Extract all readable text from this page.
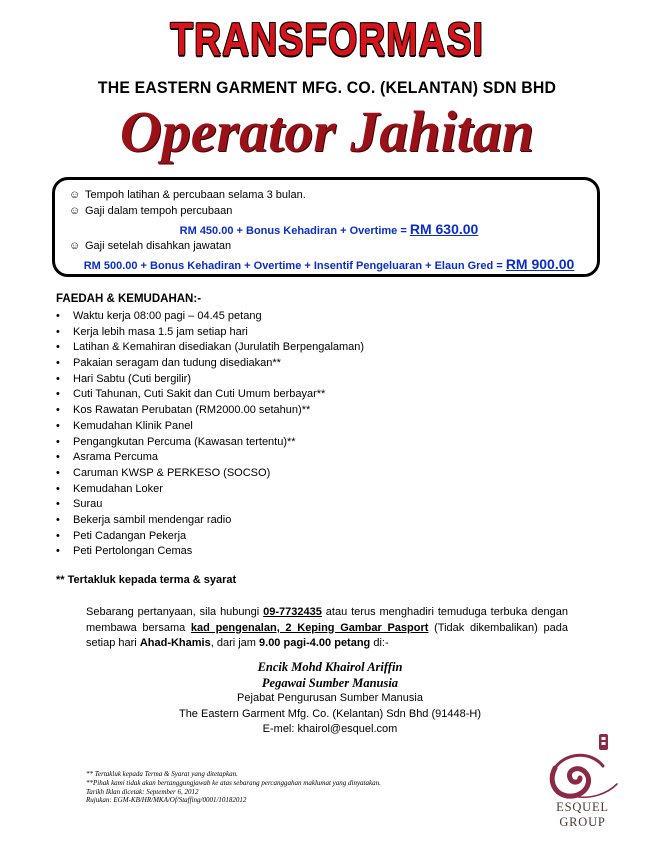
TRANSFORMASI
THE EASTERN GARMENT MFG. CO. (KELANTAN) SDN BHD
Operator Jahitan
☺ Tempoh latihan & percubaan selama 3 bulan.
☺ Gaji dalam tempoh percubaan
RM 450.00 + Bonus Kehadiran + Overtime = RM 630.00
☺ Gaji setelah disahkan jawatan
RM 500.00 + Bonus Kehadiran + Overtime + Insentif Pengeluaran + Elaun Gred = RM 900.00
FAEDAH & KEMUDAHAN:-
• Waktu kerja 08:00 pagi – 04.45 petang
• Kerja lebih masa 1.5 jam setiap hari
• Latihan & Kemahiran disediakan (Jurulatih Berpengalaman)
• Pakaian seragam dan tudung disediakan**
• Hari Sabtu (Cuti bergilir)
• Cuti Tahunan, Cuti Sakit dan Cuti Umum berbayar**
• Kos Rawatan Perubatan (RM2000.00 setahun)**
• Kemudahan Klinik Panel
• Pengangkutan Percuma (Kawasan tertentu)**
• Asrama Percuma
• Caruman KWSP & PERKESO (SOCSO)
• Kemudahan Loker
• Surau
• Bekerja sambil mendengar radio
• Peti Cadangan Pekerja
• Peti Pertolongan Cemas
** Tertakluk kepada terma & syarat
Sebarang pertanyaan, sila hubungi 09-7732435 atau terus menghadiri temuduga terbuka dengan membawa bersama kad pengenalan, 2 Keping Gambar Pasport (Tidak dikembalikan) pada setiap hari Ahad-Khamis, dari jam 9.00 pagi-4.00 petang di:-
Encik Mohd Khairol Ariffin
Pegawai Sumber Manusia
Pejabat Pengurusan Sumber Manusia
The Eastern Garment Mfg. Co. (Kelantan) Sdn Bhd (91448-H)
E-mel: khairol@esquel.com
** Tertakluk kepada Terma & Syarat yang ditetapkan.
**Pihak kami tidak akan bertanggungjawab ke atas sebarang percanggahan maklumat yang dinyatakan.
Tarikh Iklan dicetak: September 6, 2012
Rujukan: EGM-KB/HR/MKA/Of/Staffing/0001/10182012	ESQUEL GROUP
